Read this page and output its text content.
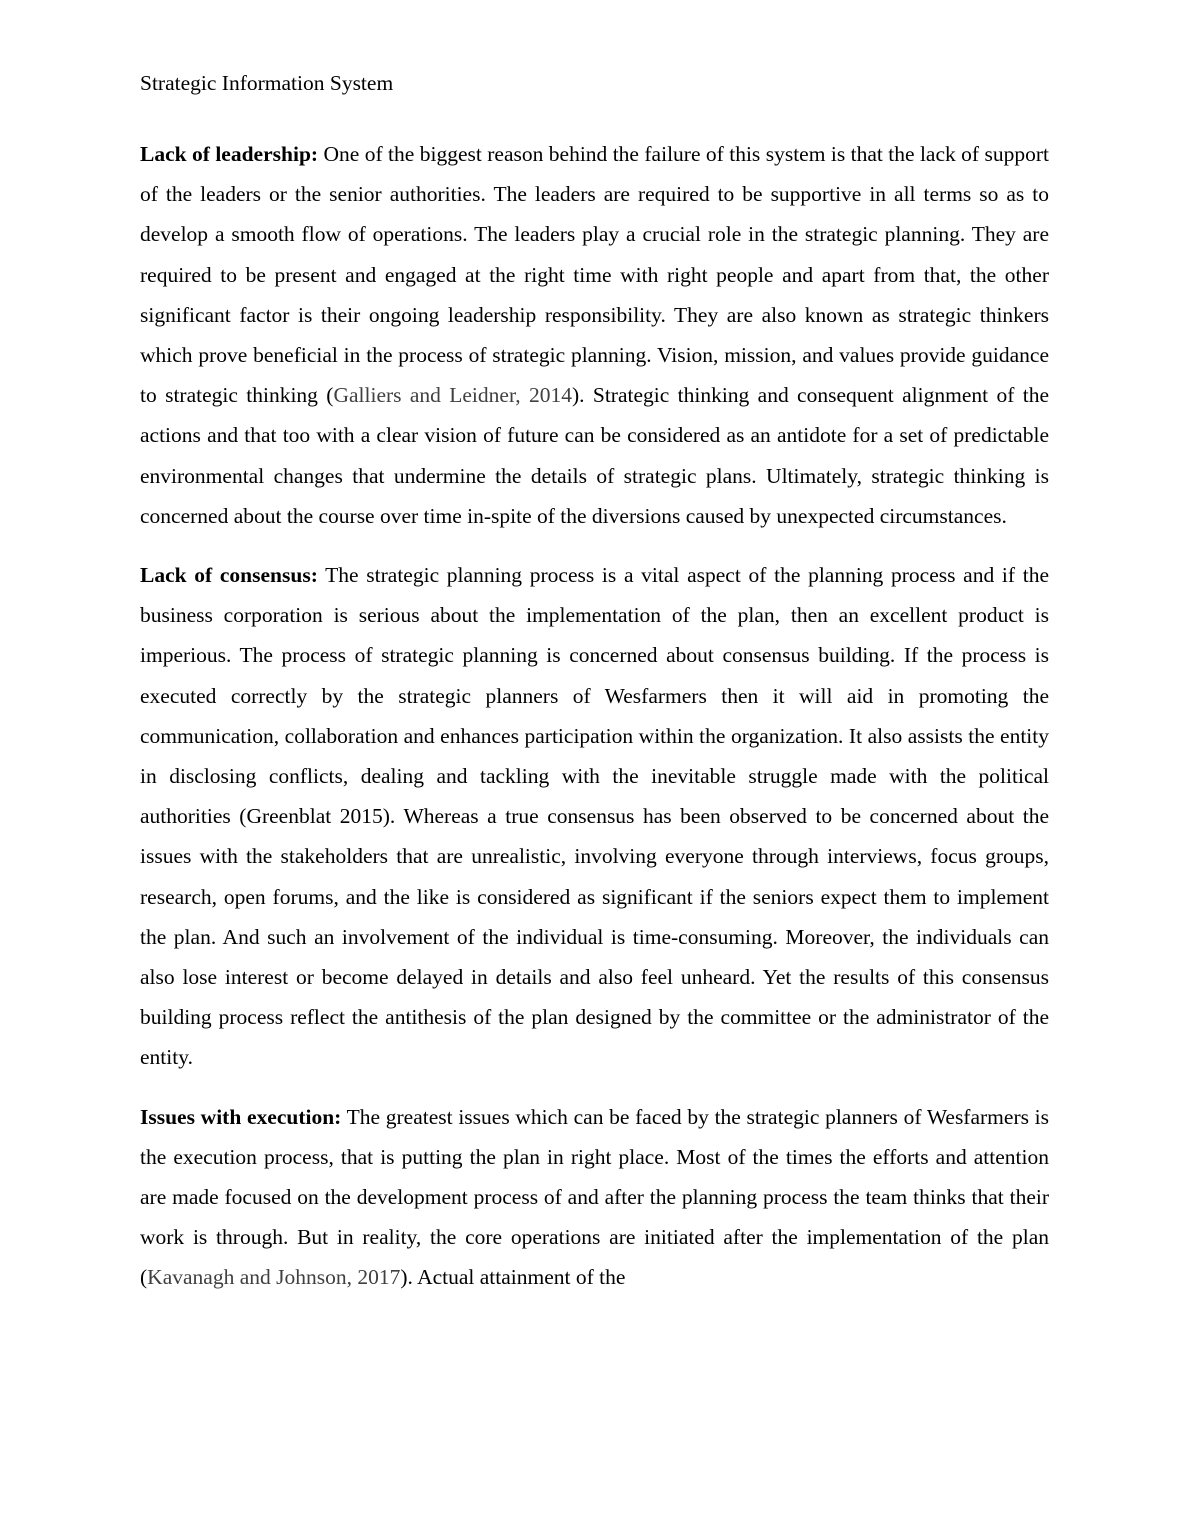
Strategic Information System

Lack of leadership: One of the biggest reason behind the failure of this system is that the lack of support of the leaders or the senior authorities. The leaders are required to be supportive in all terms so as to develop a smooth flow of operations. The leaders play a crucial role in the strategic planning. They are required to be present and engaged at the right time with right people and apart from that, the other significant factor is their ongoing leadership responsibility. They are also known as strategic thinkers which prove beneficial in the process of strategic planning. Vision, mission, and values provide guidance to strategic thinking (Galliers and Leidner, 2014). Strategic thinking and consequent alignment of the actions and that too with a clear vision of future can be considered as an antidote for a set of predictable environmental changes that undermine the details of strategic plans. Ultimately, strategic thinking is concerned about the course over time in-spite of the diversions caused by unexpected circumstances.

Lack of consensus: The strategic planning process is a vital aspect of the planning process and if the business corporation is serious about the implementation of the plan, then an excellent product is imperious. The process of strategic planning is concerned about consensus building. If the process is executed correctly by the strategic planners of Wesfarmers then it will aid in promoting the communication, collaboration and enhances participation within the organization. It also assists the entity in disclosing conflicts, dealing and tackling with the inevitable struggle made with the political authorities (Greenblat 2015). Whereas a true consensus has been observed to be concerned about the issues with the stakeholders that are unrealistic, involving everyone through interviews, focus groups, research, open forums, and the like is considered as significant if the seniors expect them to implement the plan. And such an involvement of the individual is time-consuming. Moreover, the individuals can also lose interest or become delayed in details and also feel unheard. Yet the results of this consensus building process reflect the antithesis of the plan designed by the committee or the administrator of the entity.

Issues with execution: The greatest issues which can be faced by the strategic planners of Wesfarmers is the execution process, that is putting the plan in right place. Most of the times the efforts and attention are made focused on the development process of and after the planning process the team thinks that their work is through. But in reality, the core operations are initiated after the implementation of the plan (Kavanagh and Johnson, 2017). Actual attainment of the
